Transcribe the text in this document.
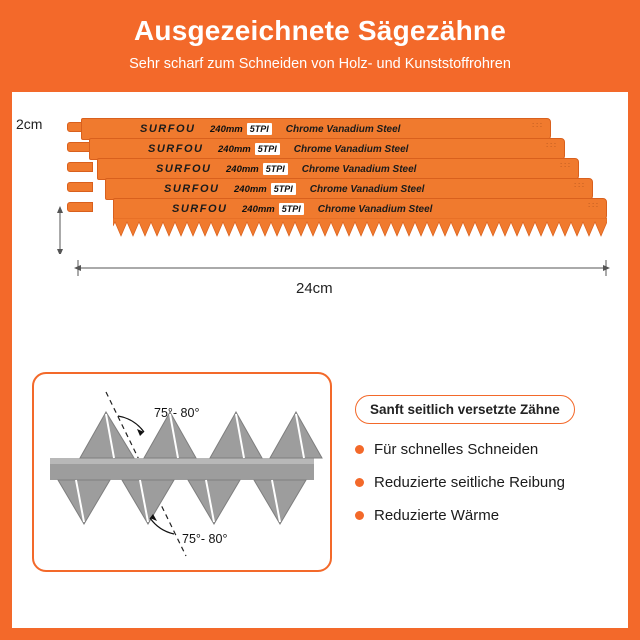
Ausgezeichnete Sägezähne

Sehr scharf zum Schneiden von Holz- und Kunststoffrohren

SURFOU	240mm 5TPI	Chrome Vanadium Steel	:::
SURFOU	240mm 5TPI	Chrome Vanadium Steel	:::
SURFOU	240mm 5TPI	Chrome Vanadium Steel	:::
SURFOU	240mm 5TPI	Chrome Vanadium Steel	:::
SURFOU	240mm 5TPI	Chrome Vanadium Steel	:::
2cm
24cm
75°- 80°
75°- 80°
Sanft seitlich versetzte Zähne
Für schnelles Schneiden
Reduzierte seitliche Reibung
Reduzierte Wärme
